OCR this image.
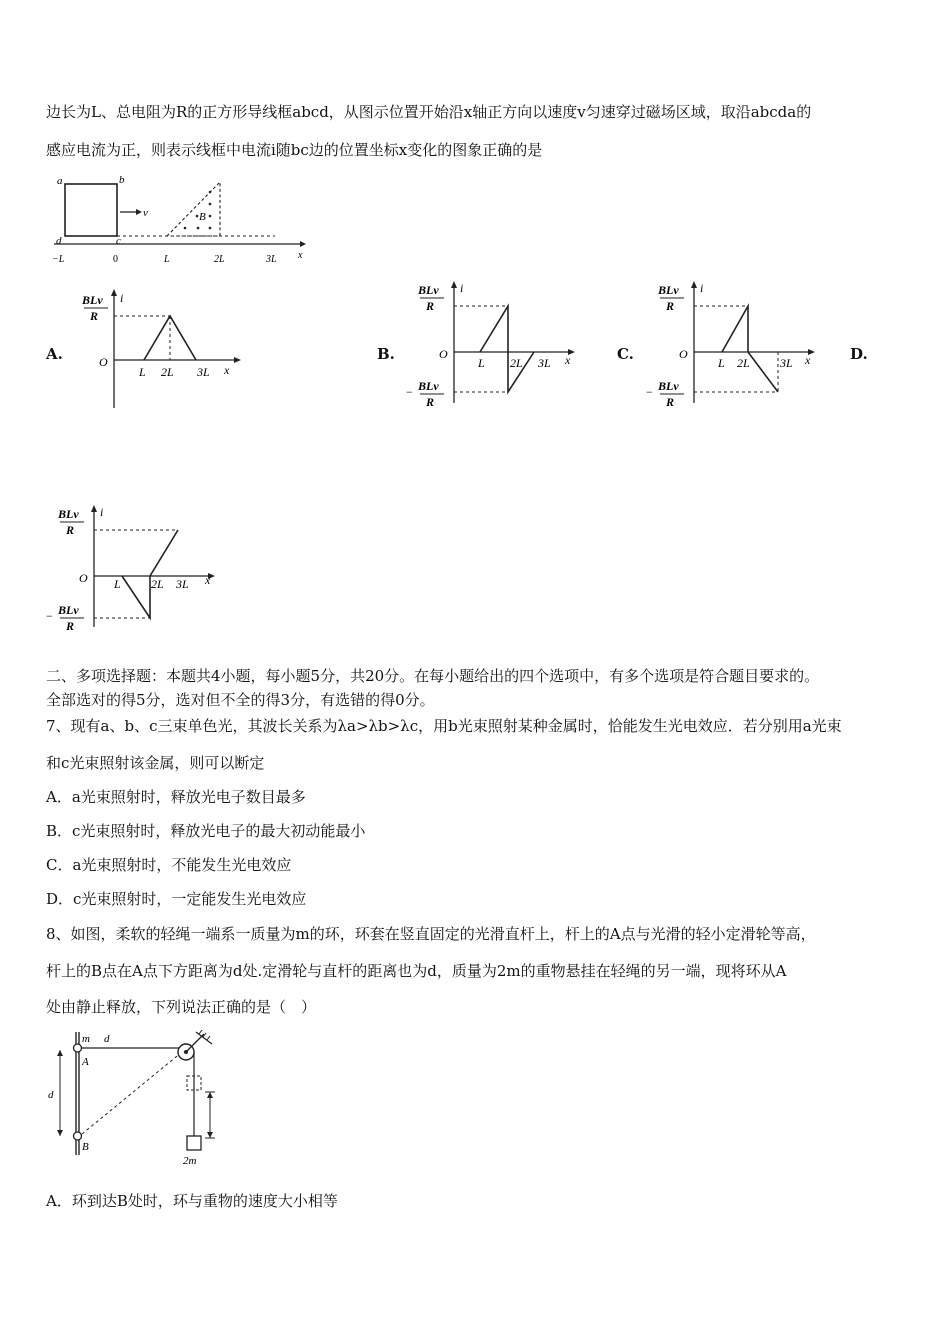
边长为L、总电阻为R的正方形导线框abcd，从图示位置开始沿x轴正方向以速度v匀速穿过磁场区域，取沿abcda的
感应电流为正，则表示线框中电流i随bc边的位置坐标x变化的图象正确的是
a	b
d	c
v	B
−L	0	L	2L	3L x
A.	B.	C.	D.
BLv
R
i
O
L 2L 3L x
BLv
R
i
O
L 2L 3L x
− BLv
R
BLv
R
i
O
L 2L	3L x
− BLv
R
BLv
R
i
O L	2L 3L x
− BLv
R
二、多项选择题：本题共4小题，每小题5分，共20分。在每小题给出的四个选项中，有多个选项是符合题目要求的。
全部选对的得5分，选对但不全的得3分，有选错的得0分。
7、现有a、b、c三束单色光，其波长关系为λa>λb>λc，用b光束照射某种金属时，恰能发生光电效应．若分别用a光束
和c光束照射该金属，则可以断定
A．a光束照射时，释放光电子数目最多
B．c光束照射时，释放光电子的最大初动能最小
C．a光束照射时，不能发生光电效应
D．c光束照射时，一定能发生光电效应
8、如图，柔软的轻绳一端系一质量为m的环，环套在竖直固定的光滑直杆上，杆上的A点与光滑的轻小定滑轮等高，
杆上的B点在A点下方距离为d处.定滑轮与直杆的距离也为d，质量为2m的重物悬挂在轻绳的另一端，现将环从A
处由静止释放，下列说法正确的是（　）
m d
A
B
d
2m
A．环到达B处时，环与重物的速度大小相等
